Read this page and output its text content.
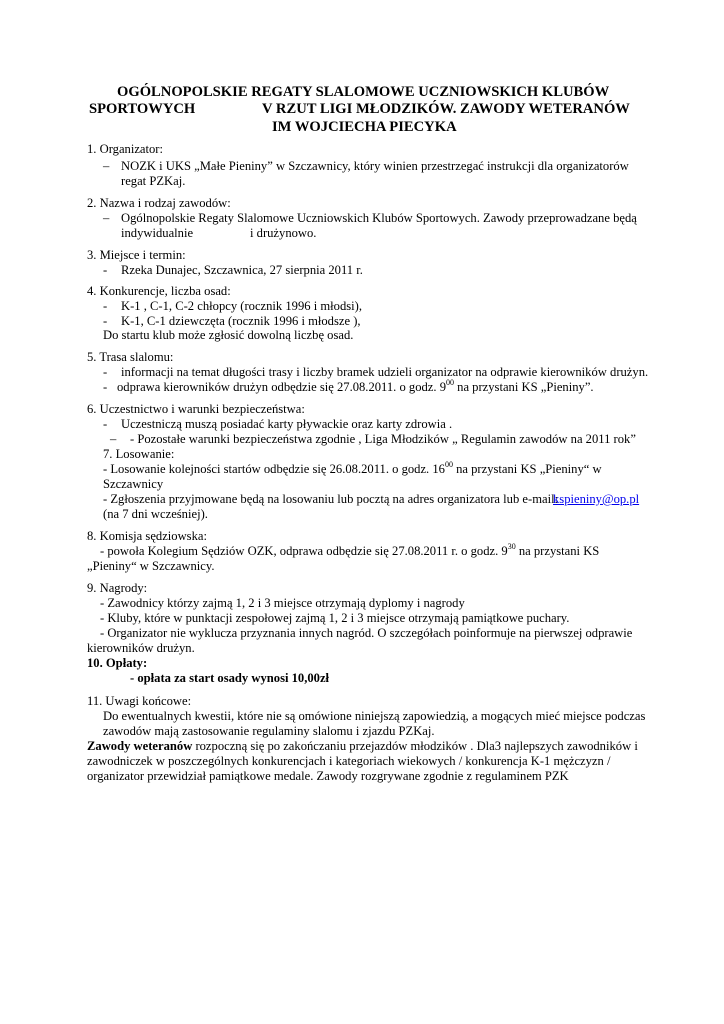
OGÓLNOPOLSKIE REGATY SLALOMOWE UCZNIOWSKICH KLUBÓW
SPORTOWYCH	V RZUT LIGI MŁODZIKÓW. ZAWODY WETERANÓW
IM WOJCIECHA PIECYKA
1. Organizator:
– NOZK i UKS „Małe Pieniny” w Szczawnicy, który winien przestrzegać instrukcji dla organizatorów
regat PZKaj.
2. Nazwa i rodzaj zawodów:
– Ogólnopolskie Regaty Slalomowe Uczniowskich Klubów Sportowych. Zawody przeprowadzane będą
indywidualnie	i drużynowo.
3. Miejsce i termin:
- Rzeka Dunajec, Szczawnica, 27 sierpnia 2011 r.
4. Konkurencje, liczba osad:
- K-1 , C-1, C-2 chłopcy (rocznik 1996 i młodsi),
- K-1, C-1 dziewczęta (rocznik 1996 i młodsze ),
Do startu klub może zgłosić dowolną liczbę osad.
5. Trasa slalomu:
- informacji na temat długości trasy i liczby bramek udzieli organizator na odprawie kierowników drużyn.
- odprawa kierowników drużyn odbędzie się 27.08.2011. o godz. $9^{00}$ na przystani KS „Pieniny”.
6. Uczestnictwo i warunki bezpieczeństwa:
- Uczestniczą muszą posiadać karty pływackie oraz karty zdrowia .
– - Pozostałe warunki bezpieczeństwa zgodnie , Liga Młodzików „ Regulamin zawodów na 2011 rok”
7. Losowanie:
- Losowanie kolejności startów odbędzie się 26.08.2011. o godz. $16^{00}$ na przystani KS „Pieniny“ w
Szczawnicy
- Zgłoszenia przyjmowane będą na losowaniu lub pocztą na adres organizatora lub e-mail:
kspieniny@op.pl
(na 7 dni wcześniej).
8. Komisja sędziowska:
- powoła Kolegium Sędziów OZK, odprawa odbędzie się 27.08.2011 r. o godz. $9^{30}$ na przystani KS
„Pieniny“ w Szczawnicy.
9. Nagrody:
- Zawodnicy którzy zajmą 1, 2 i 3 miejsce otrzymają dyplomy i nagrody
- Kluby, które w punktacji zespołowej zajmą 1, 2 i 3 miejsce otrzymają pamiątkowe puchary.
- Organizator nie wyklucza przyznania innych nagród. O szczegółach poinformuje na pierwszej odprawie
kierowników drużyn.
10. Opłaty:
- opłata za start osady wynosi 10,00zł
11. Uwagi końcowe:
Do ewentualnych kwestii, które nie są omówione niniejszą zapowiedzią, a mogących mieć miejsce podczas
zawodów mają zastosowanie regulaminy slalomu i zjazdu PZKaj.
Zawody weteranów rozpoczną się po zakończaniu przejazdów młodzików . Dla3 najlepszych zawodników i
zawodniczek w poszczególnych konkurencjach i kategoriach wiekowych / konkurencja K-1 mężczyzn /
organizator przewidział pamiątkowe medale. Zawody rozgrywane zgodnie z regulaminem PZK
